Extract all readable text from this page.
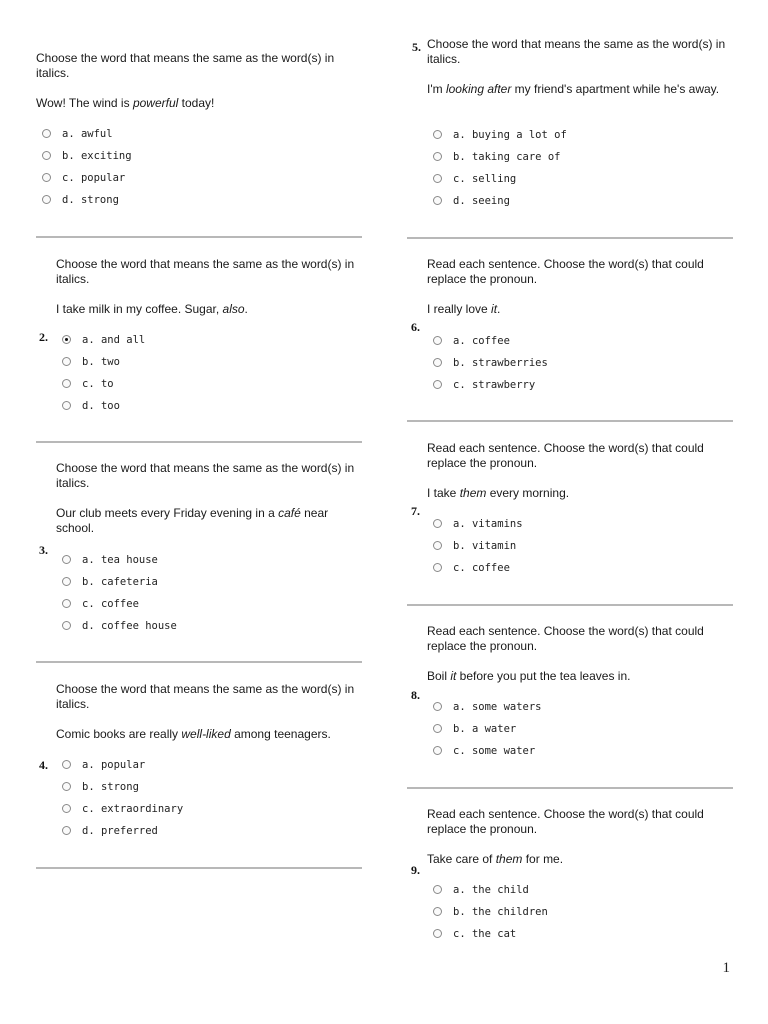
Choose the word that means the same as the word(s) in italics.

Wow! The wind is powerful today!

a. awful
b. exciting
c. popular
d. strong

Choose the word that means the same as the word(s) in italics.

I take milk in my coffee. Sugar, also.

2.	a. and all
b. two
c. to
d. too

Choose the word that means the same as the word(s) in italics.

Our club meets every Friday evening in a café near school.

3.
a. tea house
b. cafeteria
c. coffee
d. coffee house

Choose the word that means the same as the word(s) in italics.

Comic books are really well-liked among teenagers.

4.	a. popular
b. strong
c. extraordinary
d. preferred
5. Choose the word that means the same as the word(s) in italics.

I'm looking after my friend's apartment while he's away.

a. buying a lot of
b. taking care of
c. selling
d. seeing

Read each sentence. Choose the word(s) that could replace the pronoun.

I really love it.

6.
a. coffee
b. strawberries
c. strawberry

Read each sentence. Choose the word(s) that could replace the pronoun.

I take them every morning.

7.
a. vitamins
b. vitamin
c. coffee

Read each sentence. Choose the word(s) that could replace the pronoun.

Boil it before you put the tea leaves in.

8.
a. some waters
b. a water
c. some water

Read each sentence. Choose the word(s) that could replace the pronoun.

Take care of them for me.

9.
a. the child
b. the children
c. the cat
1
